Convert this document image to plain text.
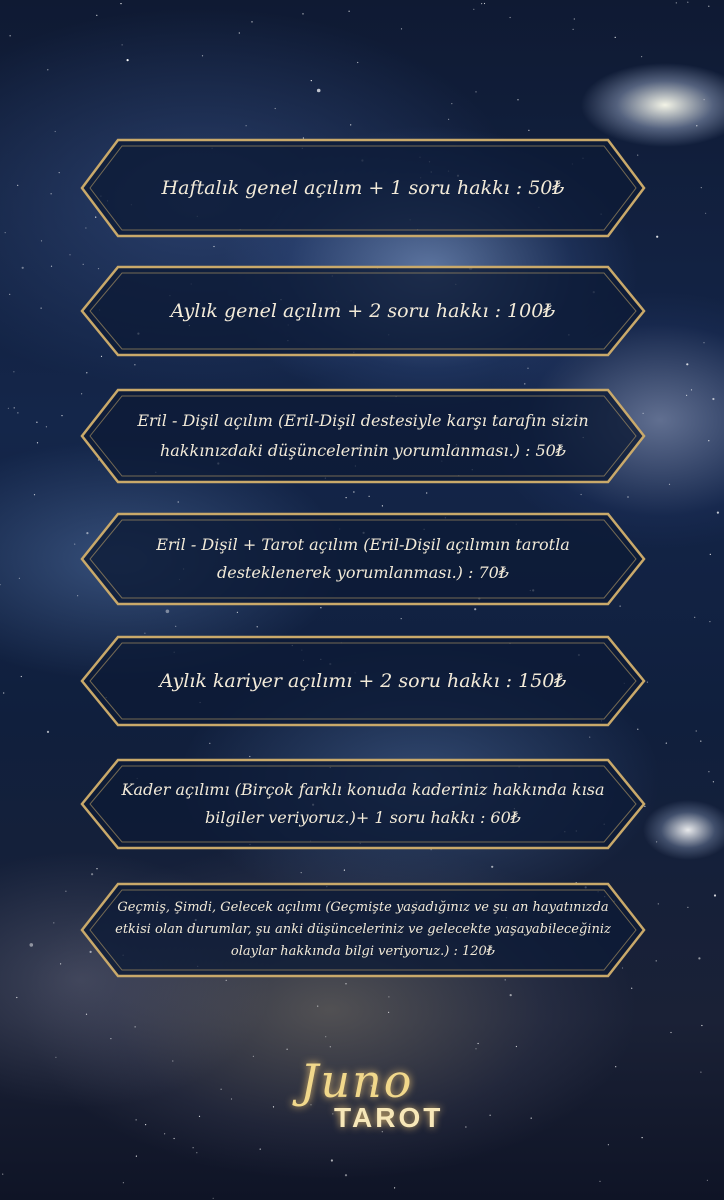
Haftalık genel açılım + 1 soru hakkı : 50₺
Aylık genel açılım + 2 soru hakkı : 100₺
Eril - Dişil açılım (Eril-Dişil destesiyle karşı tarafın sizin hakkınızdaki düşüncelerinin yorumlanması.) : 50₺
Eril - Dişil + Tarot açılım (Eril-Dişil açılımın tarotla desteklenerek yorumlanması.) : 70₺
Aylık kariyer açılımı + 2 soru hakkı : 150₺
Kader açılımı (Birçok farklı konuda kaderiniz hakkında kısa bilgiler veriyoruz.)+ 1 soru hakkı : 60₺
Geçmiş, Şimdi, Gelecek açılımı (Geçmişte yaşadığınız ve şu an hayatınızda etkisi olan durumlar, şu anki düşünceleriniz ve gelecekte yaşayabileceğiniz olaylar hakkında bilgi veriyoruz.) : 120₺
Juno
TAROT
